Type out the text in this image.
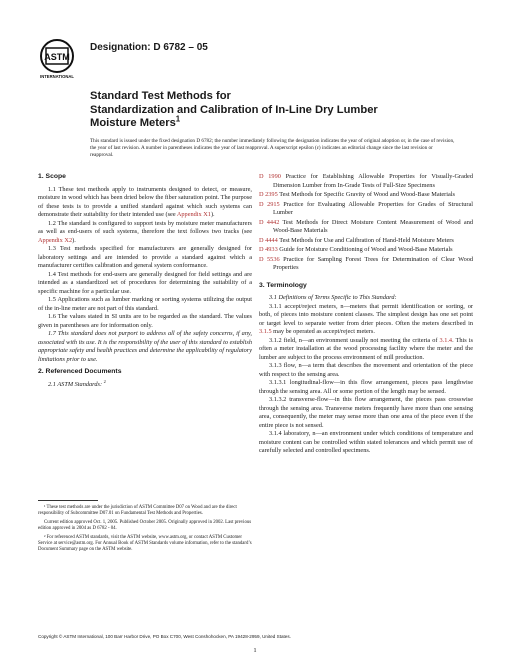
ASTM
INTERNATIONAL
Designation: D 6782 – 05
Standard Test Methods for
Standardization and Calibration of In-Line Dry Lumber
Moisture Meters$^1$
This standard is issued under the fixed designation D 6782; the number immediately following the designation indicates the year of original adoption or, in the case of revision, the year of last revision. A number in parentheses indicates the year of last reapproval. A superscript epsilon (ε) indicates an editorial change since the last revision or reapproval.
1. Scope

1.1 These test methods apply to instruments designed to detect, or measure, moisture in wood which has been dried below the fiber saturation point. The purpose of these tests is to provide a unified standard against which such systems can demonstrate their suitability for their intended use (see Appendix X1).

1.2 The standard is configured to support tests by moisture meter manufacturers as well as end-users of such systems, therefore the text follows two tracks (see Appendix X2).

1.3 Test methods specified for manufacturers are generally designed for laboratory settings and are intended to provide a standard against which a manufacturer certifies calibration and general system conformance.

1.4 Test methods for end-users are generally designed for field settings and are intended as a standardized set of procedures for determining the suitability of a specific machine for a particular use.

1.5 Applications such as lumber marking or sorting systems utilizing the output of the in-line meter are not part of this standard.

1.6 The values stated in SI units are to be regarded as the standard. The values given in parentheses are for information only.

1.7 This standard does not purport to address all of the safety concerns, if any, associated with its use. It is the responsibility of the user of this standard to establish appropriate safety and health practices and determine the applicability of regulatory limitations prior to use.

2. Referenced Documents

2.1 ASTM Standards: $^2$

¹ These test methods are under the jurisdiction of ASTM Committee D07 on Wood and are the direct responsibility of Subcommittee D07.01 on Fundamental Test Methods and Properties.

Current edition approved Oct. 1, 2005. Published October 2005. Originally approved in 2002. Last previous edition approved in 2004 as D 6782 - 04.

² For referenced ASTM standards, visit the ASTM website, www.astm.org, or contact ASTM Customer Service at service@astm.org. For Annual Book of ASTM Standards volume information, refer to the standard’s Document Summary page on the ASTM website.

D 1990 Practice for Establishing Allowable Properties for Visually-Graded Dimension Lumber from In-Grade Tests of Full-Size Specimens
D 2395 Test Methods for Specific Gravity of Wood and Wood-Base Materials
D 2915 Practice for Evaluating Allowable Properties for Grades of Structural Lumber
D 4442 Test Methods for Direct Moisture Content Measurement of Wood and Wood-Base Materials
D 4444 Test Methods for Use and Calibration of Hand-Held Moisture Meters
D 4933 Guide for Moisture Conditioning of Wood and Wood-Base Materials
D 5536 Practice for Sampling Forest Trees for Determination of Clear Wood Properties
3. Terminology

3.1 Definitions of Terms Specific to This Standard:

3.1.1 accept/reject meters, n—meters that permit identification or sorting, or both, of pieces into moisture content classes. The simplest design has one set point or target level to separate wetter from drier pieces. Often the meters described in 3.1.5 may be operated as accept/reject meters.

3.1.2 field, n—an environment usually not meeting the criteria of 3.1.4. This is often a meter installation at the wood processing facility where the meter and the lumber are subject to the process environment of mill production.

3.1.3 flow, n—a term that describes the movement and orientation of the piece with respect to the sensing area.

3.1.3.1 longitudinal-flow—in this flow arrangement, pieces pass lengthwise through the sensing area. All or some portion of the length may be sensed.

3.1.3.2 transverse-flow—in this flow arrangement, the pieces pass crosswise through the sensing area. Transverse meters frequently have more than one sensing area, consequently, the meter may sense more than one area of the piece even if the entire piece is not sensed.

3.1.4 laboratory, n—an environment under which conditions of temperature and moisture content can be controlled within stated tolerances and which permit use of carefully selected and controlled specimens.

Copyright © ASTM International, 100 Barr Harbor Drive, PO Box C700, West Conshohocken, PA 19428-2959, United States.
1
